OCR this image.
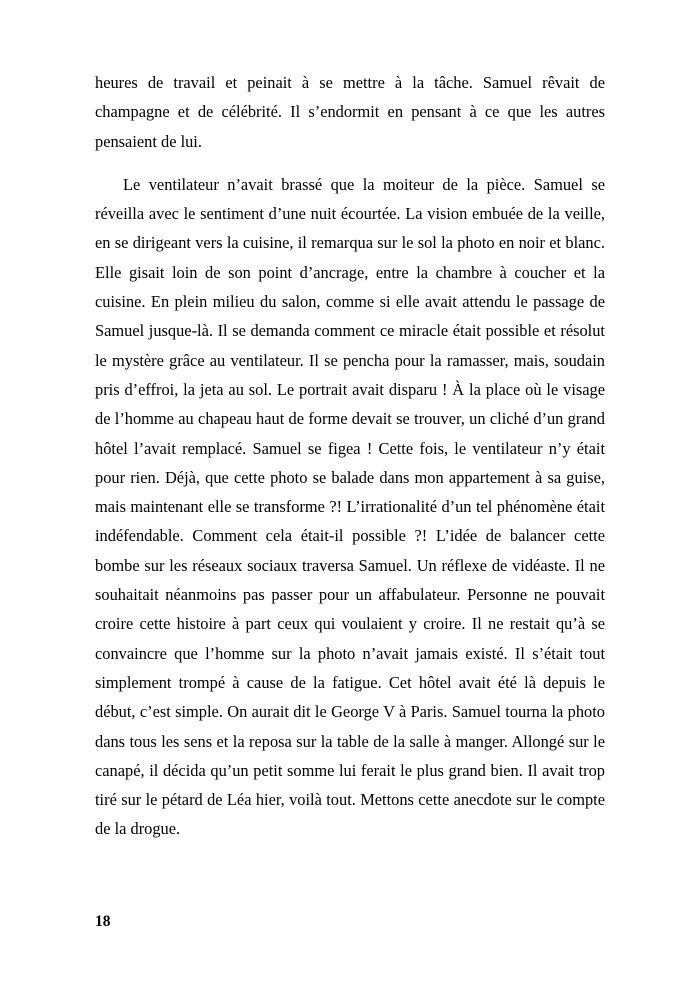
heures de travail et peinait à se mettre à la tâche. Samuel rêvait de champagne et de célébrité. Il s’endormit en pensant à ce que les autres pensaient de lui.

Le ventilateur n’avait brassé que la moiteur de la pièce. Samuel se réveilla avec le sentiment d’une nuit écourtée. La vision embuée de la veille, en se dirigeant vers la cuisine, il remarqua sur le sol la photo en noir et blanc. Elle gisait loin de son point d’ancrage, entre la chambre à coucher et la cuisine. En plein milieu du salon, comme si elle avait attendu le passage de Samuel jusque-là. Il se demanda comment ce miracle était possible et résolut le mystère grâce au ventilateur. Il se pencha pour la ramasser, mais, soudain pris d’effroi, la jeta au sol. Le portrait avait disparu ! À la place où le visage de l’homme au chapeau haut de forme devait se trouver, un cliché d’un grand hôtel l’avait remplacé. Samuel se figea ! Cette fois, le ventilateur n’y était pour rien. Déjà, que cette photo se balade dans mon appartement à sa guise, mais maintenant elle se transforme ?! L’irrationalité d’un tel phénomène était indéfendable. Comment cela était-il possible ?! L’idée de balancer cette bombe sur les réseaux sociaux traversa Samuel. Un réflexe de vidéaste. Il ne souhaitait néanmoins pas passer pour un affabulateur. Personne ne pouvait croire cette histoire à part ceux qui voulaient y croire. Il ne restait qu’à se convaincre que l’homme sur la photo n’avait jamais existé. Il s’était tout simplement trompé à cause de la fatigue. Cet hôtel avait été là depuis le début, c’est simple. On aurait dit le George V à Paris. Samuel tourna la photo dans tous les sens et la reposa sur la table de la salle à manger. Allongé sur le canapé, il décida qu’un petit somme lui ferait le plus grand bien. Il avait trop tiré sur le pétard de Léa hier, voilà tout. Mettons cette anecdote sur le compte de la drogue.

18
